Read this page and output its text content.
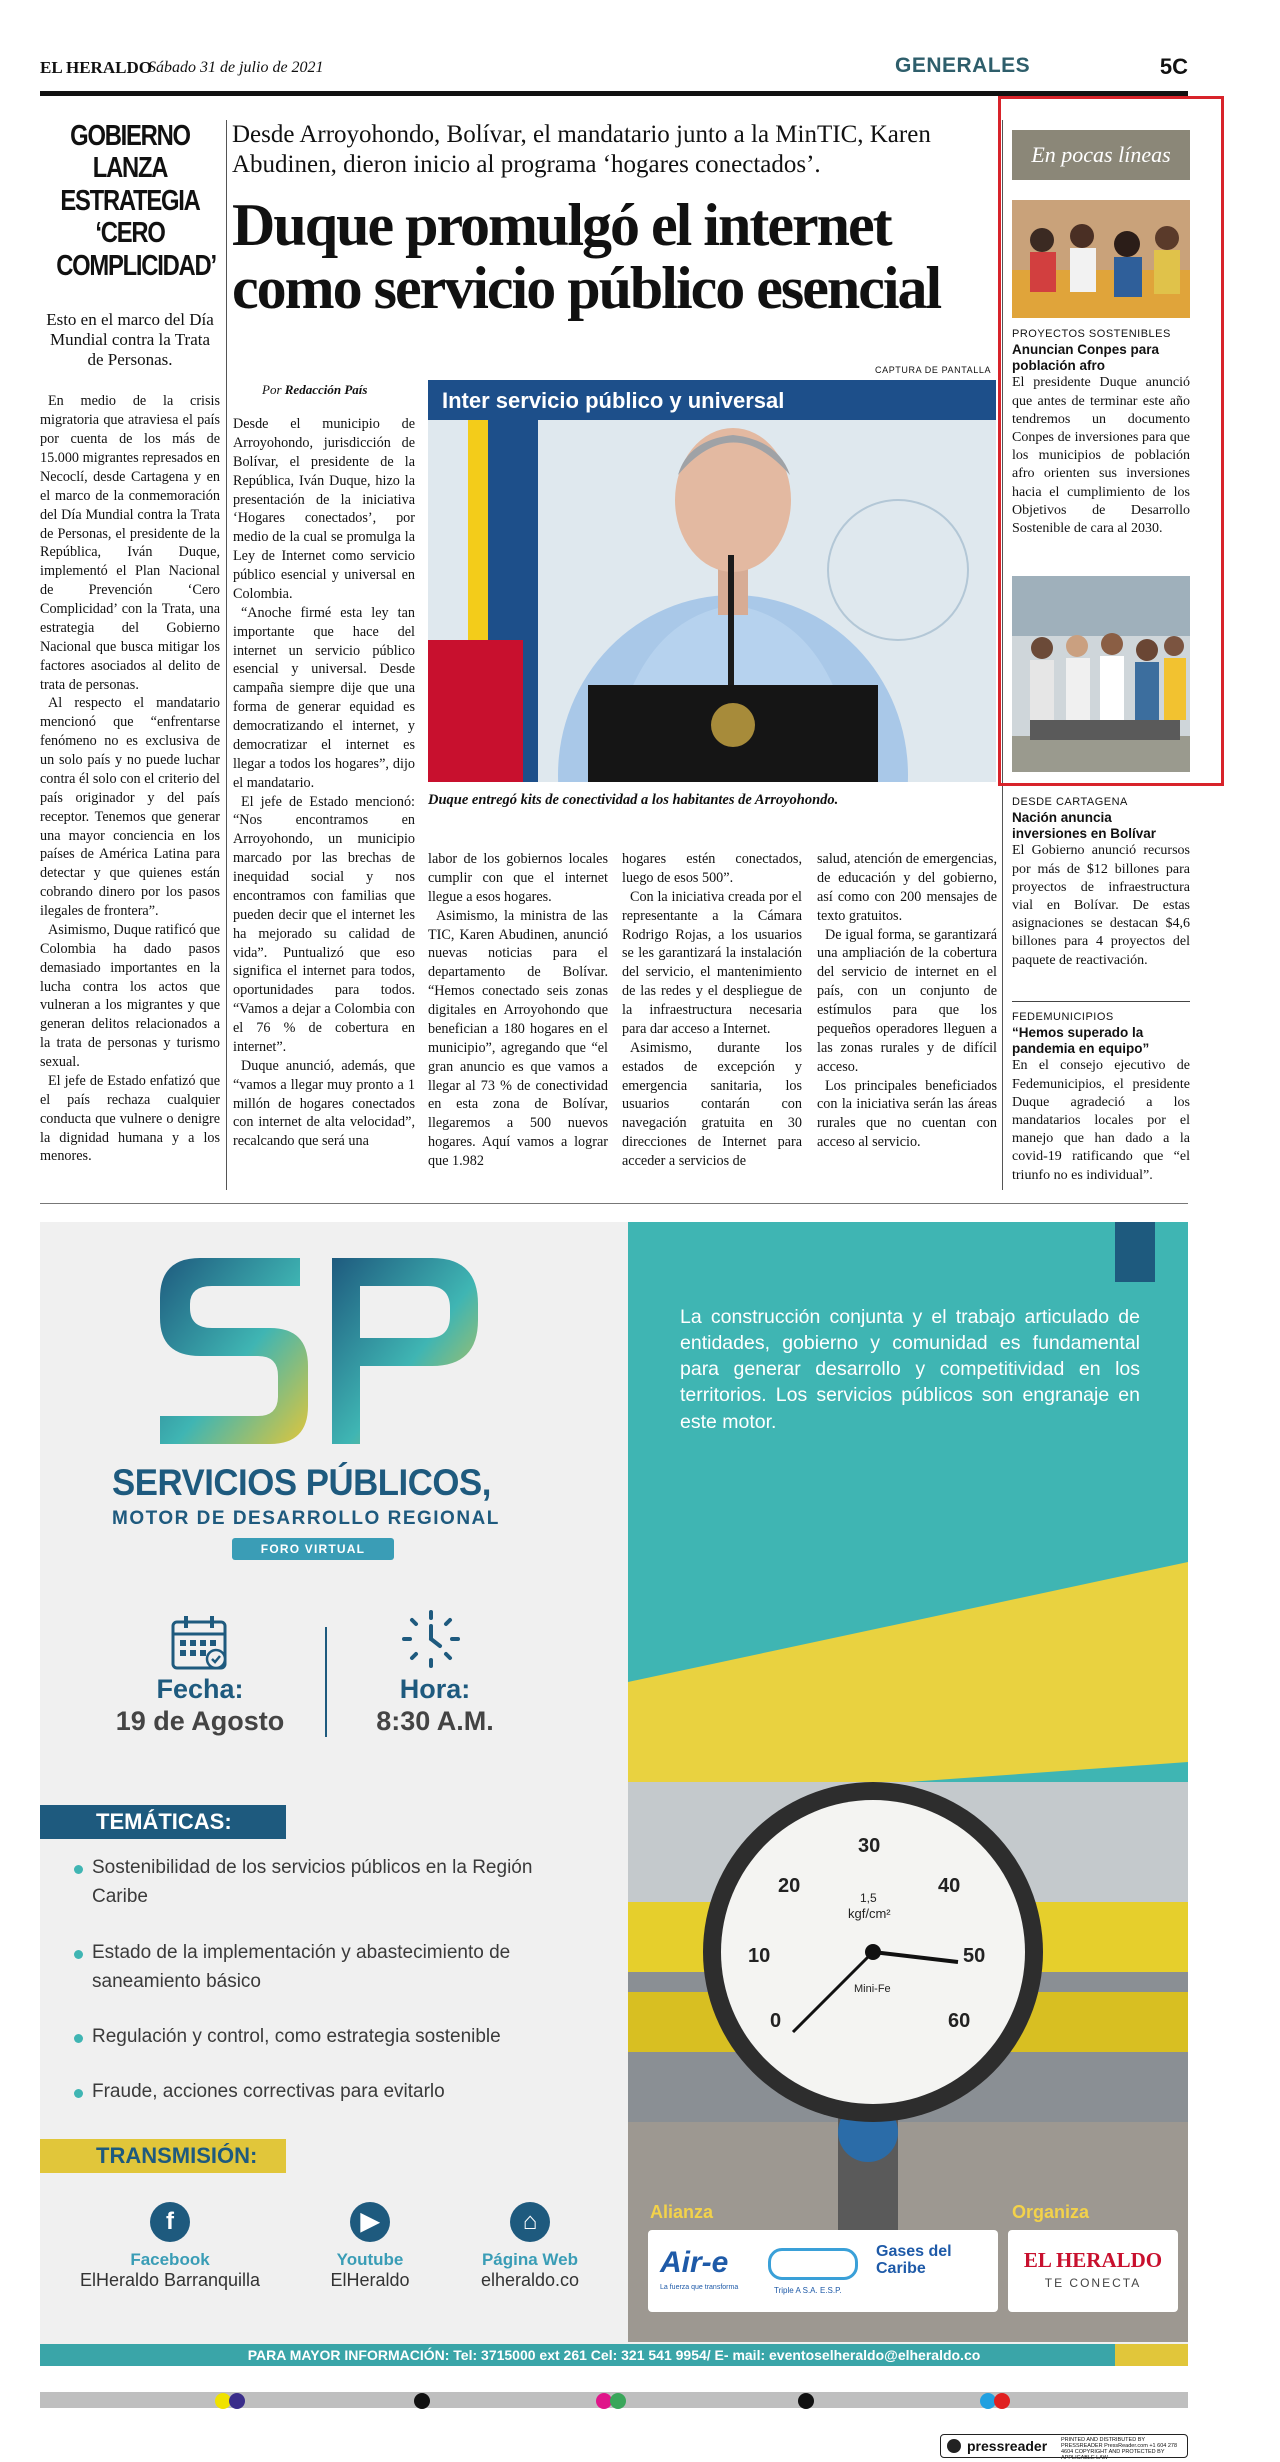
EL HERALDO
Sábado 31 de julio de 2021	GENERALES	5C
GOBIERNO
LANZA
ESTRATEGIA
‘CERO
COMPLICIDAD’
Esto en el marco del Día Mundial contra la Trata de Personas.

En medio de la crisis migratoria que atraviesa el país por cuenta de los más de 15.000 migrantes represados en Necoclí, desde Cartagena y en el marco de la conmemoración del Día Mundial contra la Trata de Personas, el presidente de la República, Iván Duque, implementó el Plan Nacional de Prevención ‘Cero Complicidad’ con la Trata, una estrategia del Gobierno Nacional que busca mitigar los factores asociados al delito de trata de personas.

Al respecto el mandatario mencionó que “enfrentarse fenómeno no es exclusiva de un solo país y no puede luchar contra él solo con el criterio del país originador y del país receptor. Tenemos que generar una mayor conciencia en los países de América Latina para detectar y que quienes están cobrando dinero por los pasos ilegales de frontera”.

Asimismo, Duque ratificó que Colombia ha dado pasos demasiado importantes en la lucha contra los actos que vulneran a los migrantes y que generan delitos relacionados a la trata de personas y turismo sexual.

El jefe de Estado enfatizó que el país rechaza cualquier conducta que vulnere o denigre la dignidad humana y a los menores.

Desde Arroyohondo, Bolívar, el mandatario junto a la MinTIC, Karen Abudinen, dieron inicio al programa ‘hogares conectados’.
Duque promulgó el internet como servicio público esencial
CAPTURA DE PANTALLA
Por Redacción País	Inter servicio público y universal
Duque entregó kits de conectividad a los habitantes de Arroyohondo.

Desde el municipio de Arroyohondo, jurisdicción de Bolívar, el presidente de la República, Iván Duque, hizo la presentación de la iniciativa ‘Hogares conectados’, por medio de la cual se promulga la Ley de Internet como servicio público esencial y universal en Colombia.

“Anoche firmé esta ley tan importante que hace del internet un servicio público esencial y universal. Desde campaña siempre dije que una forma de generar equidad es democratizando el internet, y democratizar el internet es llegar a todos los hogares”, dijo el mandatario.

El jefe de Estado mencionó: “Nos encontramos en Arroyohondo, un municipio marcado por las brechas de inequidad social y nos encontramos con familias que pueden decir que el internet les ha mejorado su calidad de vida”. Puntualizó que eso significa el internet para todos, oportunidades para todos. “Vamos a dejar a Colombia con el 76 % de cobertura en internet”.

Duque anunció, además, que “vamos a llegar muy pronto a 1 millón de hogares conectados con internet de alta velocidad”, recalcando que será una

labor de los gobiernos locales cumplir con que el internet llegue a esos hogares.

Asimismo, la ministra de las TIC, Karen Abudinen, anunció nuevas noticias para el departamento de Bolívar. “Hemos conectado seis zonas digitales en Arroyohondo que benefician a 180 hogares en el municipio”, agregando que “el gran anuncio es que vamos a llegar al 73 % de conectividad en esta zona de Bolívar, llegaremos a 500 nuevos hogares. Aquí vamos a lograr que 1.982

hogares estén conectados, luego de esos 500”.

Con la iniciativa creada por el representante a la Cámara Rodrigo Rojas, a los usuarios se les garantizará la instalación del servicio, el mantenimiento de las redes y el despliegue de la infraestructura necesaria para dar acceso a Internet.

Asimismo, durante los estados de excepción y emergencia sanitaria, los usuarios contarán con navegación gratuita en 30 direcciones de Internet para acceder a servicios de

salud, atención de emergencias, de educación y del gobierno, así como con 200 mensajes de texto gratuitos.

De igual forma, se garantizará una ampliación de la cobertura del servicio de internet en el país, con un conjunto de estímulos para que los pequeños operadores lleguen a las zonas rurales y de difícil acceso.

Los principales beneficiados con la iniciativa serán las áreas rurales que no cuentan con acceso al servicio.

En pocas líneas
PROYECTOS SOSTENIBLES
Anuncian Conpes para población afro
El presidente Duque anunció que antes de terminar este año tendremos un documento Conpes de inversiones para que los municipios de población afro orienten sus inversiones hacia el cumplimiento de los Objetivos de Desarrollo Sostenible de cara al 2030.
DESDE CARTAGENA
Nación anuncia inversiones en Bolívar
El Gobierno anunció recursos por más de $12 billones para proyectos de infraestructura vial en Bolívar. De estas asignaciones se destacan $4,6 billones para 4 proyectos del paquete de reactivación.
FEDEMUNICIPIOS
“Hemos superado la pandemia en equipo”
En el consejo ejecutivo de Fedemunicipios, el presidente Duque agradeció a los mandatarios locales por el manejo que han dado a la covid-19 ratificando que “el triunfo no es individual”.
SERVICIOS PÚBLICOS,
MOTOR DE DESARROLLO REGIONAL
FORO VIRTUAL
Fecha:
19 de Agosto
Hora:
8:30 A.M.
TEMÁTICAS:
Sostenibilidad de los servicios públicos en la Región Caribe
Estado de la implementación y abastecimiento de saneamiento básico
Regulación y control, como estrategia sostenible
Fraude, acciones correctivas para evitarlo
TRANSMISIÓN:
f
Facebook
ElHeraldo Barranquilla
▶
Youtube
ElHeraldo
⌂
Página Web
elheraldo.co
La construcción conjunta y el trabajo articulado de entidades, gobierno y comunidad es fundamental para generar desarrollo y competitividad en los territorios. Los servicios públicos son engranaje en este motor.
0
10
20
30
40
50
60
1,5
kgf/cm²
Mini-Fe
Alianza	Organiza
Air-e
La fuerza que transforma	Triple A S.A. E.S.P.
Gases del Caribe	EL HERALDO
TE CONECTA
PARA MAYOR INFORMACIÓN: Tel: 3715000 ext 261 Cel: 321 541 9954/ E- mail: eventoselheraldo@elheraldo.co
pressreader	PRINTED AND DISTRIBUTED BY PRESSREADER PressReader.com +1 604 278 4604 COPYRIGHT AND PROTECTED BY APPLICABLE LAW
